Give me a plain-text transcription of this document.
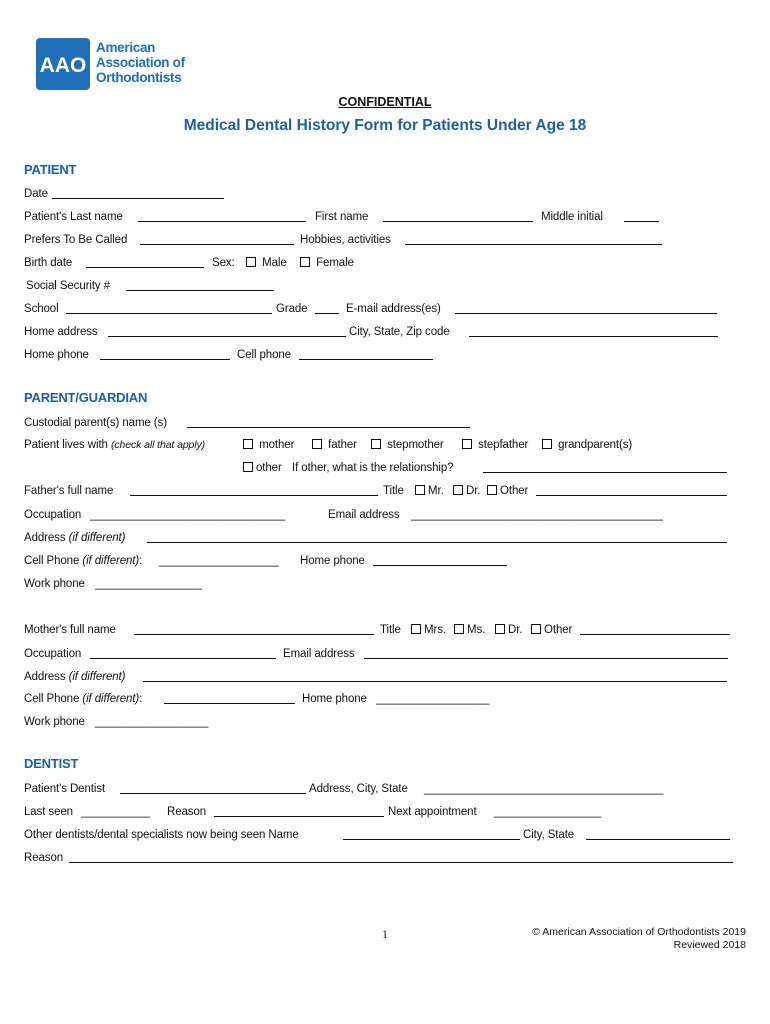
AAO
American
Association of
Orthodontists
CONFIDENTIAL
Medical Dental History Form for Patients Under Age 18
PATIENT
Date
Patient's Last name	First name	Middle initial
Prefers To Be Called	Hobbies, activities
Birth date	Sex:	Male	Female
Social Security #
School	Grade	E-mail address(es)
Home address	City, State, Zip code
Home phone	Cell phone
PARENT/GUARDIAN
Custodial parent(s) name (s)
Patient lives with (check all that apply)	mother	father	stepmother	stepfather	grandparent(s)
other If other, what is the relationship?
Father's full name	Title	Mr.	Dr.	Other
Occupation _______________________________	Email address ________________________________________
Address (if different)
Cell Phone (if different): ___________________ Home phone
Work phone _________________
Mother's full name	Title	Mrs.	Ms.	Dr.	Other
Occupation	Email address
Address (if different)
Cell Phone (if different):	Home phone __________________
Work phone __________________
DENTIST
Patient's Dentist	Address, City, State ______________________________________
Last seen ___________ Reason	Next appointment _________________
Other dentists/dental specialists now being seen Name	City, State
Reason
1	© American Association of Orthodontists 2019
Reviewed 2018
